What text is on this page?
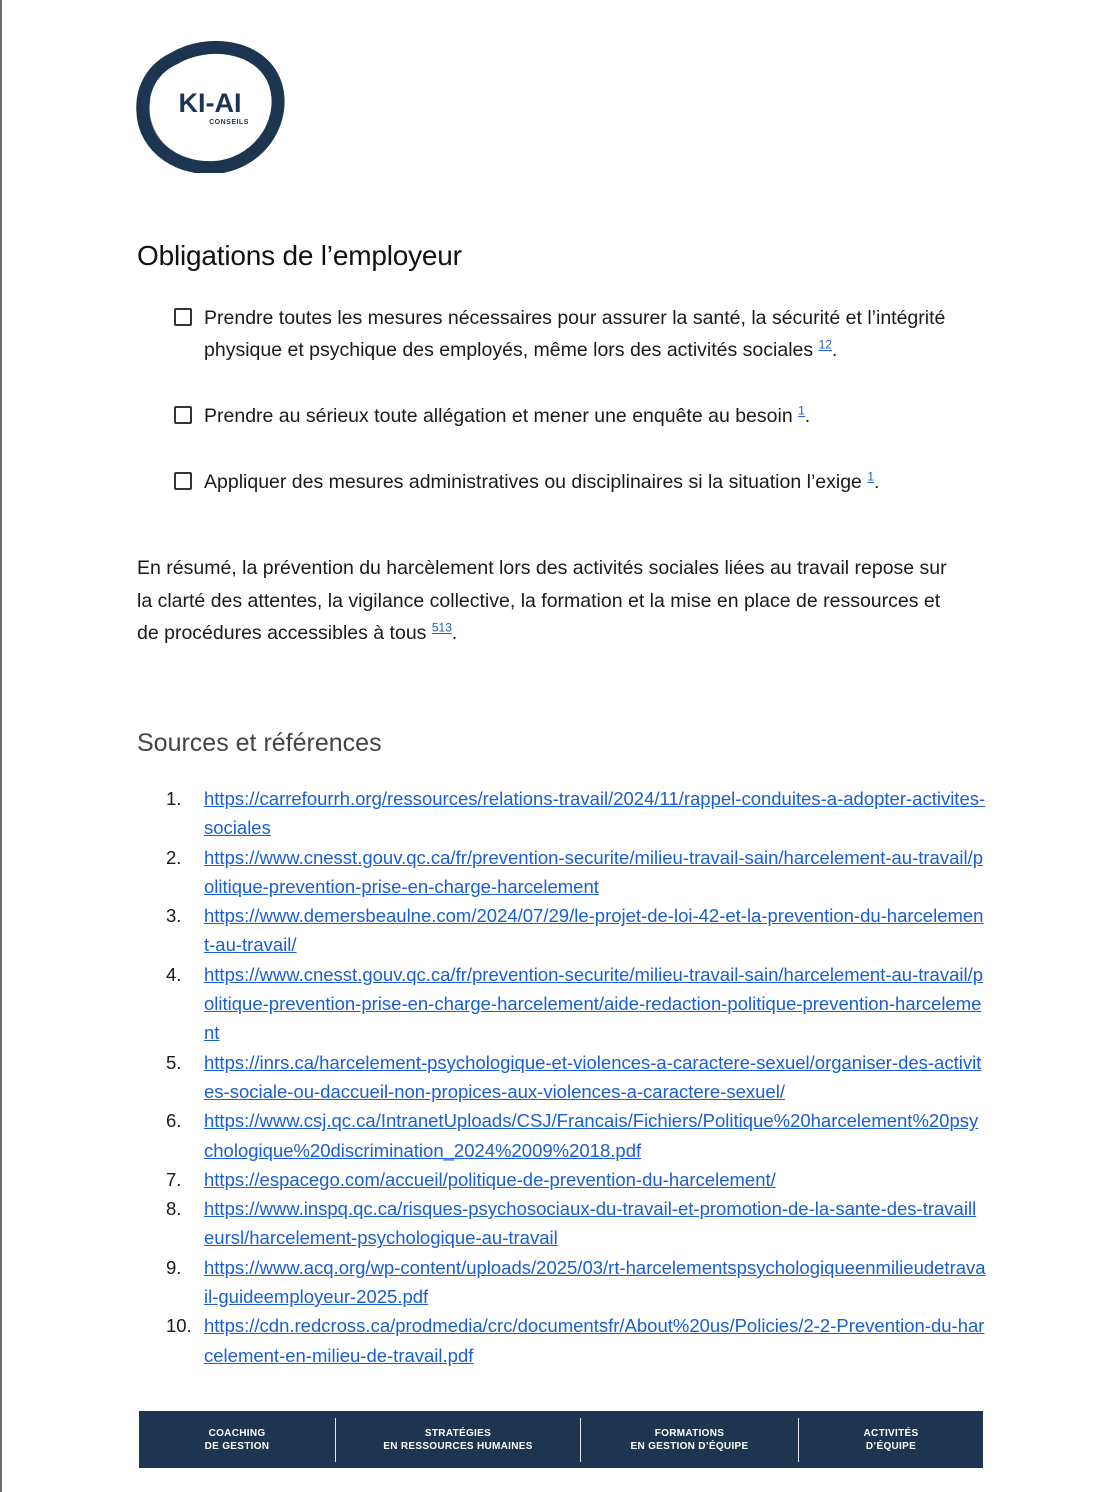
KI-AI
CONSEILS
Obligations de l’employeur
Prendre toutes les mesures nécessaires pour assurer la santé, la sécurité et l’intégrité physique et psychique des employés, même lors des activités sociales $^{12}$.
Prendre au sérieux toute allégation et mener une enquête au besoin $^1$.
Appliquer des mesures administratives ou disciplinaires si la situation l’exige $^1$.

En résumé, la prévention du harcèlement lors des activités sociales liées au travail repose sur la clarté des attentes, la vigilance collective, la formation et la mise en place de ressources et de procédures accessibles à tous $^{513}$.

Sources et références
1.	https://carrefourrh.org/ressources/relations-travail/2024/11/rappel-conduites-a-adopter-activites-sociales
2.	https://www.cnesst.gouv.qc.ca/fr/prevention-securite/milieu-travail-sain/harcelement-au-travail/politique-prevention-prise-en-charge-harcelement
3.	https://www.demersbeaulne.com/2024/07/29/le-projet-de-loi-42-et-la-prevention-du-harcelement-au-travail/
4.	https://www.cnesst.gouv.qc.ca/fr/prevention-securite/milieu-travail-sain/harcelement-au-travail/politique-prevention-prise-en-charge-harcelement/aide-redaction-politique-prevention-harcelement
5.	https://inrs.ca/harcelement-psychologique-et-violences-a-caractere-sexuel/organiser-des-activites-sociale-ou-daccueil-non-propices-aux-violences-a-caractere-sexuel/
6.	https://www.csj.qc.ca/IntranetUploads/CSJ/Francais/Fichiers/Politique%20harcelement%20psychologique%20discrimination_2024%2009%2018.pdf
7.	https://espacego.com/accueil/politique-de-prevention-du-harcelement/
8.	https://www.inspq.qc.ca/risques-psychosociaux-du-travail-et-promotion-de-la-sante-des-travailleursl/harcelement-psychologique-au-travail
9.	https://www.acq.org/wp-content/uploads/2025/03/rt-harcelementspsychologiqueenmilieudetravail-guideemployeur-2025.pdf
10. https://cdn.redcross.ca/prodmedia/crc/documentsfr/About%20us/Policies/2-2-Prevention-du-harcelement-en-milieu-de-travail.pdf
COACHING
DE GESTION
STRATÉGIES
EN RESSOURCES HUMAINES
FORMATIONS
EN GESTION D’ÉQUIPE
ACTIVITÉS
D’ÉQUIPE
